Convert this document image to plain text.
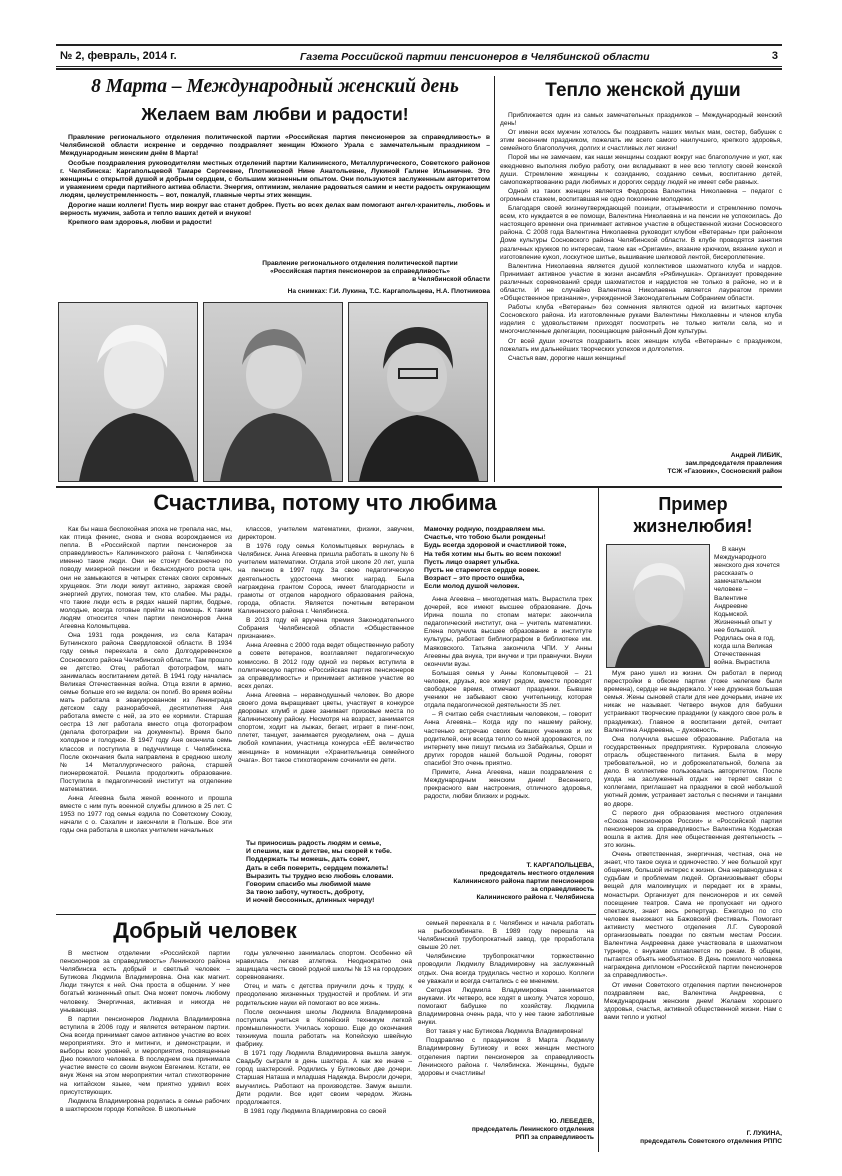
№ 2, февраль, 2014 г.	Газета Российской партии пенсионеров в Челябинской области	3
8 Марта – Международный женский день
Желаем вам любви и радости!

Правление регионального отделения политической партии «Российская партия пенсионеров за справедливость» в Челябинской области искренне и сердечно поздравляет женщин Южного Урала с замечательным праздником – Международным женским днём 8 Марта!

Особые поздравления руководителям местных отделений партии Калининского, Металлургического, Советского районов г. Челябинска: Каргапольцевой Тамаре Сергеевне, Плотниковой Нине Анатольевне, Лукиной Галине Ильиничне. Это женщины с открытой душой и добрым сердцем, с большим жизненным опытом. Они пользуются заслуженным авторитетом и уважением среди партийного актива области. Энергия, оптимизм, желание радоваться самим и нести радость окружающим людям, целеустремленность – вот, пожалуй, главные черты этих женщин.

Дорогие наши коллеги! Пусть мир вокруг вас станет добрее. Пусть во всех делах вам помогают ангел-хранитель, любовь и верность мужчин, забота и тепло ваших детей и внуков!

Крепкого вам здоровья, любви и радости!

Правление регионального отделения политической партии
«Российская партия пенсионеров за справедливость»
в Челябинской области
На снимках: Г.И. Лукина, Т.С. Каргапольцева, Н.А. Плотникова
Тепло женской души

Приближается один из самых замечательных праздников – Международный женский день!

От имени всех мужчин хотелось бы поздравить наших милых мам, сестер, бабушек с этим весенним праздником, пожелать им всего самого наилучшего, крепкого здоровья, семейного благополучия, долгих и счастливых лет жизни!

Порой мы не замечаем, как наши женщины создают вокруг нас благополучие и уют, как ежедневно выполняя любую работу, они вкладывают в нее всю теплоту своей женской души. Стремление женщины к созиданию, созданию семьи, воспитанию детей, самопожертвованию ради любимых и дорогих сердцу людей не имеет себе равных.

Одной из таких женщин является Федорова Валентина Николаевна – педагог с огромным стажем, воспитавшая не одно поколение молодежи.

Благодаря своей жизнеутверждающей позиции, отзывчивости и стремлению помочь всем, кто нуждается в ее помощи, Валентина Николаевна и на пенсии не успокоилась. До настоящего времени она принимает активное участие в общественной жизни Сосновского района. С 2008 года Валентина Николаевна руководит клубом «Ветераны» при районном Доме культуры Сосновского района Челябинской области. В клубе проводятся занятия различных кружков по интересам, такие как «Оригами», вязание крючком, вязание кукол и изготовление кукол, лоскутное шитье, вышивание шелковой лентой, бисероплетение.

Валентина Николаевна является душой коллективов шахматного клуба и нардов. Принимает активное участие в жизни ансамбля «Рябинушка». Организует проведение различных соревнований среди шахматистов и нардистов не только в районе, но и в области. И не случайно Валентина Николаевна является лауреатом премии «Общественное признание», учрежденной Законодательным Собранием области.

Работы клуба «Ветераны» без сомнения являются одной из визитных карточек Сосновского района. Из изготовленные руками Валентины Николаевны и членов клуба изделия с удовольствием приходят посмотреть не только жители села, но и многочисленные делегации, посещающие районный Дом культуры.

От всей души хочется поздравить всех женщин клуба «Ветераны» с праздником, пожелать им дальнейших творческих успехов и долголетия.

Счастья вам, дорогие наши женщины!

Андрей ЛИБИК,
зам.председателя правления
ТСЖ «Газовик», Сосновский район
Счастлива, потому что любима

Как бы наша беспокойная эпоха не трепала нас, мы, как птица феникс, снова и снова возрождаемся из пепла. В «Российской партии пенсионеров за справедливость» Калининского района г. Челябинска именно такие люди. Они не стонут бесконечно по поводу мизерной пенсии и безысходного роста цен, они не замыкаются в четырех стенах своих скромных хрущевок. Эти люди живут активно, заражая своей энергией других, помогая тем, кто слабее. Мы рады, что такие люди есть в рядах нашей партии, бодрые, молодые, всегда готовые прийти на помощь. К таким людям относится член партии пенсионеров Анна Агеевна Коломытцева.

Она 1931 года рождения, из села Катарач Бутнинского района Свердловской области. В 1934 году семья переехала в село Долгодеревенское Сосновского района Челябинской области. Там прошло ее детство. Отец работал фотографом, мать занималась воспитанием детей. В 1941 году началась Великая Отечественная война. Отца взяли в армию, семье больше его не видела: он погиб. Во время войны мать работала в эвакуированном из Ленинграда детском саду разнорабочей, десятилетняя Аня работала вместе с ней, за это ее кормили. Старшая сестра 13 лет работала вместо отца фотографом (делала фотографии на документы). Время было холодное и голодное. В 1947 году Аня окончила семь классов и поступила в педучилище г. Челябинска. После окончания была направлена в среднюю школу № 14 Металлургического района, старшей пионервожатой. Решила продолжить образование. Поступила в педагогический институт на отделение математики.

Анна Агеевна была женой военного и прошла вместе с ним путь военной службы длиною в 25 лет. С 1953 по 1977 год семья ездила по Советскому Союзу, начали с о. Сахалин и закончили в Польше. Все эти годы она работала в школах учителем начальных

классов, учителем математики, физики, завучем, директором.

В 1976 году семья Коломытцевых вернулась в Челябинск. Анна Агеевна пришла работать в школу № 6 учителем математики. Отдала этой школе 20 лет, ушла на пенсию в 1997 году. За свою педагогическую деятельность удостоена многих наград. Была награждена грантом Сороса, имеет благодарности и грамоты от отделов народного образования района, города, области. Является почетным ветераном Калининского района г. Челябинска.

В 2013 году ей вручена премия Законодательного Собрания Челябинской области «Общественное признание».

Анна Агеевна с 2000 года ведет общественную работу в совете ветеранов, возглавляет педагогическую комиссию. В 2012 году одной из первых вступила в политическую партию «Российская партия пенсионеров за справедливость» и принимает активное участие во всех делах.

Анна Агеевна – неравнодушный человек. Во дворе своего дома выращивает цветы, участвует в конкурсе дворовых клумб и даже занимает призовые места по Калининскому району. Несмотря на возраст, занимается спортом, ходит на лыжах, бегает, играет в пинг-понг, плетет, танцует, занимается рукоделием, она – душа любой компании, участница конкурса «ЕЁ величество женщина» в номинации «Хранительница семейного очага». Вот такое стихотворение сочинили ее дети.

Ты приносишь радость людям и семье,

И спешим, как в детстве, мы скорей к тебе.

Поддержать ты можешь, дать совет,

Дать в себя поверить, сердцем пожалеть!

Выразить ты трудно всю любовь словами.

Говорим спасибо мы любимой маме

За твою заботу, чуткость, доброту,

И ночей бессонных, длинных череду!

Мамочку родную, поздравляем мы.

Счастье, что тобою были рождены!

Будь всегда здоровой и счастливой тоже,

На тебя хотим мы быть во всем похожи!

Пусть лицо озаряет улыбка.

Пусть не стареются сердце вовек.

Возраст – это просто ошибка,

Если молод душой человек.

Анна Агеевна – многодетная мать. Вырастила трех дочерей, все имеют высшее образование. Дочь Ирина пошла по стопам матери: закончила педагогический институт, она – учитель математики. Елена получила высшее образование в институте культуры, работает библиографом в библиотеке им. Маяковского. Татьяна закончила ЧПИ. У Анны Агеевны два внука, три внучки и три правнучки. Внуки окончили вузы.

Большая семья у Анны Коломытцевой – 21 человек, друзья, все живут рядом, вместе проводят свободное время, отмечают праздники. Бывшие ученики не забывают свою учительницу, которая отдала педагогической деятельности 35 лет.

– Я считаю себя счастливым человеком, – говорит Анна Агеевна.– Когда иду по нашему району, частенько встречаю своих бывших учеников и их родителей, они всегда тепло со мной здороваются, по интернету мне пишут письма из Забайкалья, Орши и других городов нашей большой Родины, говорят спасибо! Это очень приятно.

Примите, Анна Агеевна, наши поздравления с Международным женским днем! Весеннего, прекрасного вам настроения, отличного здоровья, радости, любви близких и родных.

Т. КАРГАПОЛЬЦЕВА,
председатель местного отделения
Калининского района партии пенсионеров
за справедливость
Калининского района г. Челябинска
Пример
жизнелюбия!

В канун Международного женского дня хочется рассказать о замечательном человеке – Валентине Андреевне Кодьмской. Жизненный опыт у нее большой. Родилась она в год, когда шла Великая Отечественная война. Вырастила

Муж рано ушел из жизни. Он работал в период перестройки в обкоме партии (тоже нелегкие были времена), сердце не выдержало. У нее дружная большая семья. Жены сыновей стали для нее дочерьми, иначе их никак не называет. Четверо внуков для бабушки устраивают творческие праздники (у каждого свое роль в праздниках). Главное в воспитании детей, считает Валентина Андреевна, – духовность.

Она получила высшее образование. Работала на государственных предприятиях. Курировала сложную отрасль общественного питания. Была в меру требовательной, но и доброжелательной, болела за дело. В коллективе пользовалась авторитетом. После ухода на заслуженный отдых не теряет связи с коллегами, приглашает на праздники в свой небольшой уютный домик, устраивает застолья с песнями и танцами во дворе.

С первого дня образования местного отделения «Союза пенсионеров России» и «Российской партии пенсионеров за справедливость» Валентина Кодьмская вошла в актив. Для нее общественная деятельность – это жизнь.

Очень ответственная, энергичная, честная, она не знает, что такое скука и одиночество. У нее большой круг общения, большой интерес к жизни. Она неравнодушна к судьбам и проблемам людей. Организовывает сборы вещей для малоимущих и передает их в храмы, монастыри. Организует для пенсионеров и их семей посещение театров. Сама не пропускает ни одного спектакля, знает весь репертуар. Ежегодно по сто человек выезжают на Бажовский фестиваль. Помогает активисту местного отделения Л.Г. Суворовой организовывать поездки по святым местам России. Валентина Андреевна даже участвовала в шахматном турнире, с внуками сплавляется по рекам. В общем, пытается объять необъятное. В День пожилого человека награждена дипломом «Российской партии пенсионеров за справедливость».

От имени Советского отделения партии пенсионеров поздравляем вас, Валентина Андреевна, с Международным женским днем! Желаем хорошего здоровья, счастья, активной общественной жизни. Нам с вами тепло и уютно!

Г. ЛУКИНА,
председатель Советского отделения РППС
Добрый человек

В местном отделении «Российской партии пенсионеров за справедливость» Ленинского района Челябинска есть добрый и светлый человек – Бутикова Людмила Владимировна. Она как магнит. Люди тянутся к ней. Она проста в общении. У нее богатый жизненный опыт. Она может помочь любому человеку. Энергичная, активная и никогда не унывающая.

В партии пенсионеров Людмила Владимировна вступила в 2006 году и является ветераном партии. Она всегда принимает самое активное участие во всех мероприятиях. Это и митинги, и демонстрации, и выборы всех уровней, и мероприятия, посвященные Дню пожилого человека. В последнем она принимала участие вместе со своим внуком Евгением. Кстати, ее внук Женя на этом мероприятии читал стихотворение на китайском языке, чем приятно удивил всех присутствующих.

Людмила Владимировна родилась в семье рабочих в шахтерском городе Копейске. В школьные

годы увлеченно занималась спортом. Особенно ей нравилась легкая атлетика. Неоднократно она защищала честь своей родной школы № 13 на городских соревнованиях.

Отец и мать с детства приучили дочь к труду, к преодолению жизненных трудностей и проблем. И эти родительские науки ей помогают во все жизнь.

После окончания школы Людмила Владимировна поступила учиться в Копейский техникум легкой промышленности. Училась хорошо. Еще до окончания техникума пошла работать на Копейскую швейную фабрику.

В 1971 году Людмила Владимировна вышла замуж. Свадьбу сыграли в день шахтера. А как же иначе – город шахтерский. Родились у Бутиковых две дочери. Старшая Наташа и младшая Надежда. Выросли дочери, выучились. Работают на производстве. Замуж вышли. Дети родили. Все идет своим чередом. Жизнь продолжается.

В 1981 году Людмила Владимировна со своей

семьей переехала в г. Челябинск и начала работать на рыбокомбинате. В 1989 году перешла на Челябинский трубопрокатный завод, где проработала свыше 20 лет.

Челябинские трубопрокатчики торжественно проводили Людмилу Владимировну на заслуженный отдых. Она всегда трудилась честно и хорошо. Коллеги ее уважали и всегда считались с ее мнением.

Сегодня Людмила Владимировна занимается внуками. Их четверо, все ходят в школу. Учатся хорошо, помогают бабушке по хозяйству. Людмила Владимировна очень рада, что у нее такие заботливые внуки.

Вот такая у нас Бутикова Людмила Владимировна!

Поздравляю с праздником 8 Марта Людмилу Владимировну Бутикову и всех женщин местного отделения партии пенсионеров за справедливость Ленинского района г. Челябинска. Женщины, будьте здоровы и счастливы!

Ю. ЛЕБЕДЕВ,
председатель Ленинского отделения
РПП за справедливость
